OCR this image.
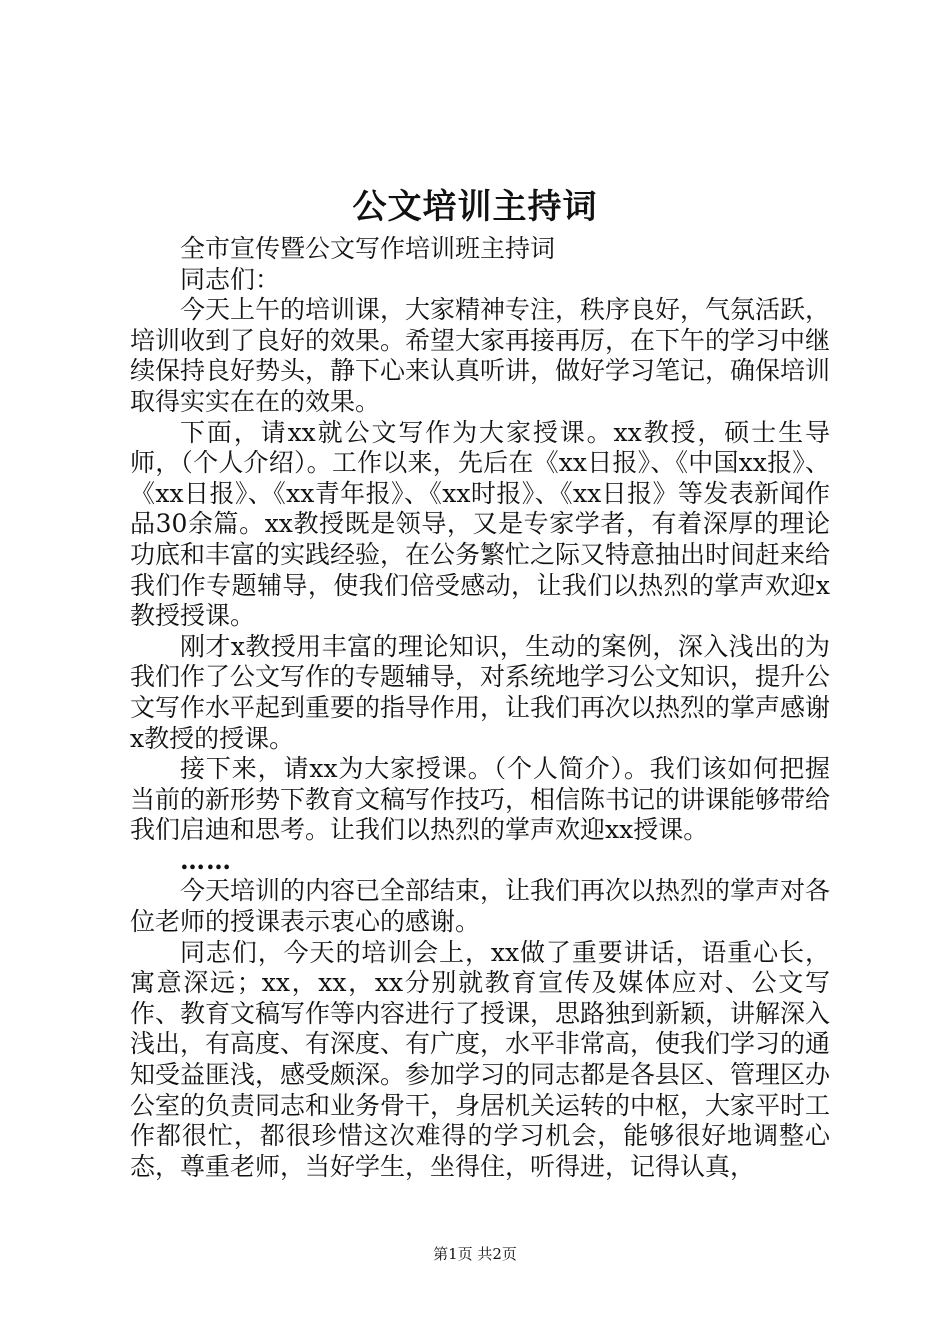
公文培训主持词

全市宣传暨公文写作培训班主持词

同志们：

今天上午的培训课，大家精神专注，秩序良好，气氛活跃，培训收到了良好的效果。希望大家再接再厉，在下午的学习中继续保持良好势头，静下心来认真听讲，做好学习笔记，确保培训取得实实在在的效果。

下面，请xx就公文写作为大家授课。xx教授，硕士生导师，（个人介绍）。工作以来，先后在《xx日报》、《中国xx报》、《xx日报》、《xx青年报》、《xx时报》、《xx日报》等发表新闻作品30余篇。xx教授既是领导，又是专家学者，有着深厚的理论功底和丰富的实践经验，在公务繁忙之际又特意抽出时间赶来给我们作专题辅导，使我们倍受感动，让我们以热烈的掌声欢迎x教授授课。

刚才x教授用丰富的理论知识，生动的案例，深入浅出的为我们作了公文写作的专题辅导，对系统地学习公文知识，提升公文写作水平起到重要的指导作用，让我们再次以热烈的掌声感谢x教授的授课。

接下来，请xx为大家授课。（个人简介）。我们该如何把握当前的新形势下教育文稿写作技巧，相信陈书记的讲课能够带给我们启迪和思考。让我们以热烈的掌声欢迎xx授课。

……

今天培训的内容已全部结束，让我们再次以热烈的掌声对各位老师的授课表示衷心的感谢。

同志们，今天的培训会上，xx做了重要讲话，语重心长，寓意深远；xx，xx，xx分别就教育宣传及媒体应对、公文写作、教育文稿写作等内容进行了授课，思路独到新颖，讲解深入浅出，有高度、有深度、有广度，水平非常高，使我们学习的通知受益匪浅，感受颇深。参加学习的同志都是各县区、管理区办公室的负责同志和业务骨干，身居机关运转的中枢，大家平时工作都很忙，都很珍惜这次难得的学习机会，能够很好地调整心态，尊重老师，当好学生，坐得住，听得进，记得认真，

第1页 共2页
